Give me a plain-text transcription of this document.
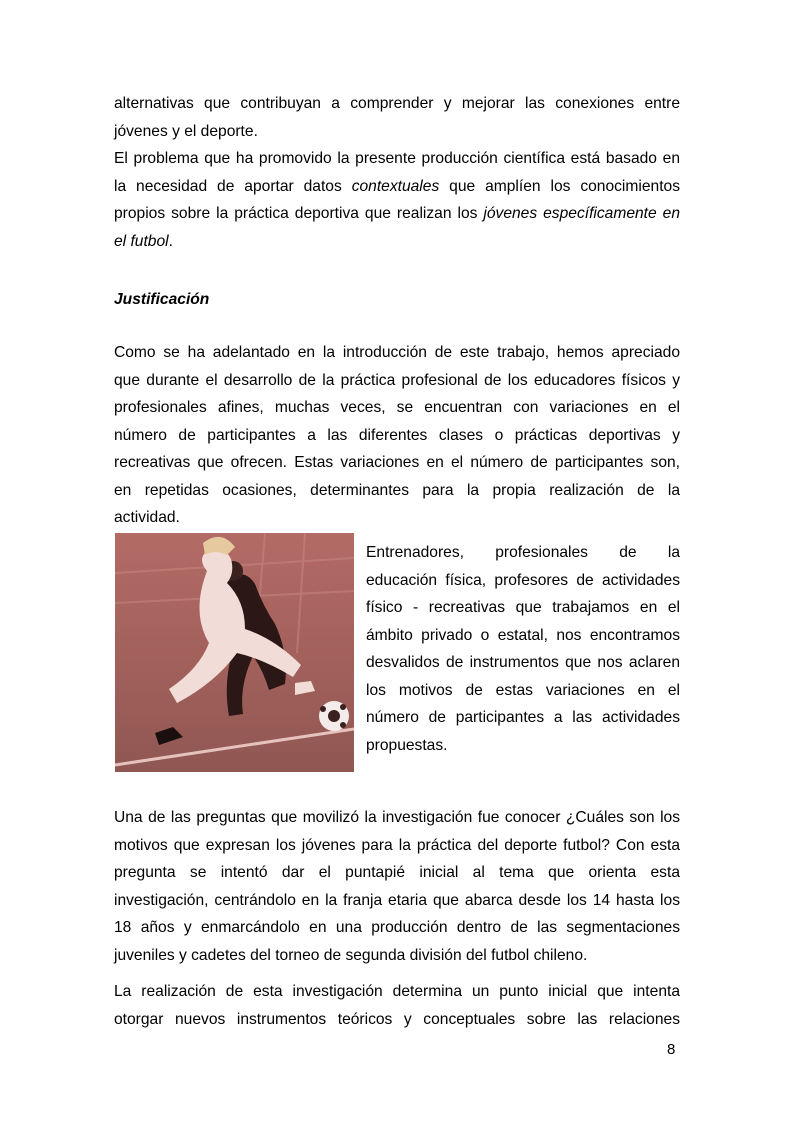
alternativas que contribuyan a comprender y mejorar las conexiones entre
jóvenes y el deporte.
El problema que ha promovido la presente producción científica está basado en
la necesidad de aportar datos contextuales que amplíen los conocimientos
propios sobre la práctica deportiva que realizan los jóvenes específicamente en
el futbol.
Justificación
Como se ha adelantado en la introducción de este trabajo, hemos apreciado
que durante el desarrollo de la práctica profesional de los educadores físicos y
profesionales afines, muchas veces, se encuentran con variaciones en el
número de participantes a las diferentes clases o prácticas deportivas y
recreativas que ofrecen. Estas variaciones en el número de participantes son,
en repetidas ocasiones, determinantes para la propia realización de la
actividad.
Entrenadores, profesionales de la
educación física, profesores de actividades
físico - recreativas que trabajamos en el
ámbito privado o estatal, nos encontramos
desvalidos de instrumentos que nos aclaren
los motivos de estas variaciones en el
número de participantes a las actividades
propuestas.
Una de las preguntas que movilizó la investigación fue conocer ¿Cuáles son los
motivos que expresan los jóvenes para la práctica del deporte futbol? Con esta
pregunta se intentó dar el puntapié inicial al tema que orienta esta
investigación, centrándolo en la franja etaria que abarca desde los 14 hasta los
18 años y enmarcándolo en una producción dentro de las segmentaciones
juveniles y cadetes del torneo de segunda división del futbol chileno.
La realización de esta investigación determina un punto inicial que intenta
otorgar nuevos instrumentos teóricos y conceptuales sobre las relaciones
8
